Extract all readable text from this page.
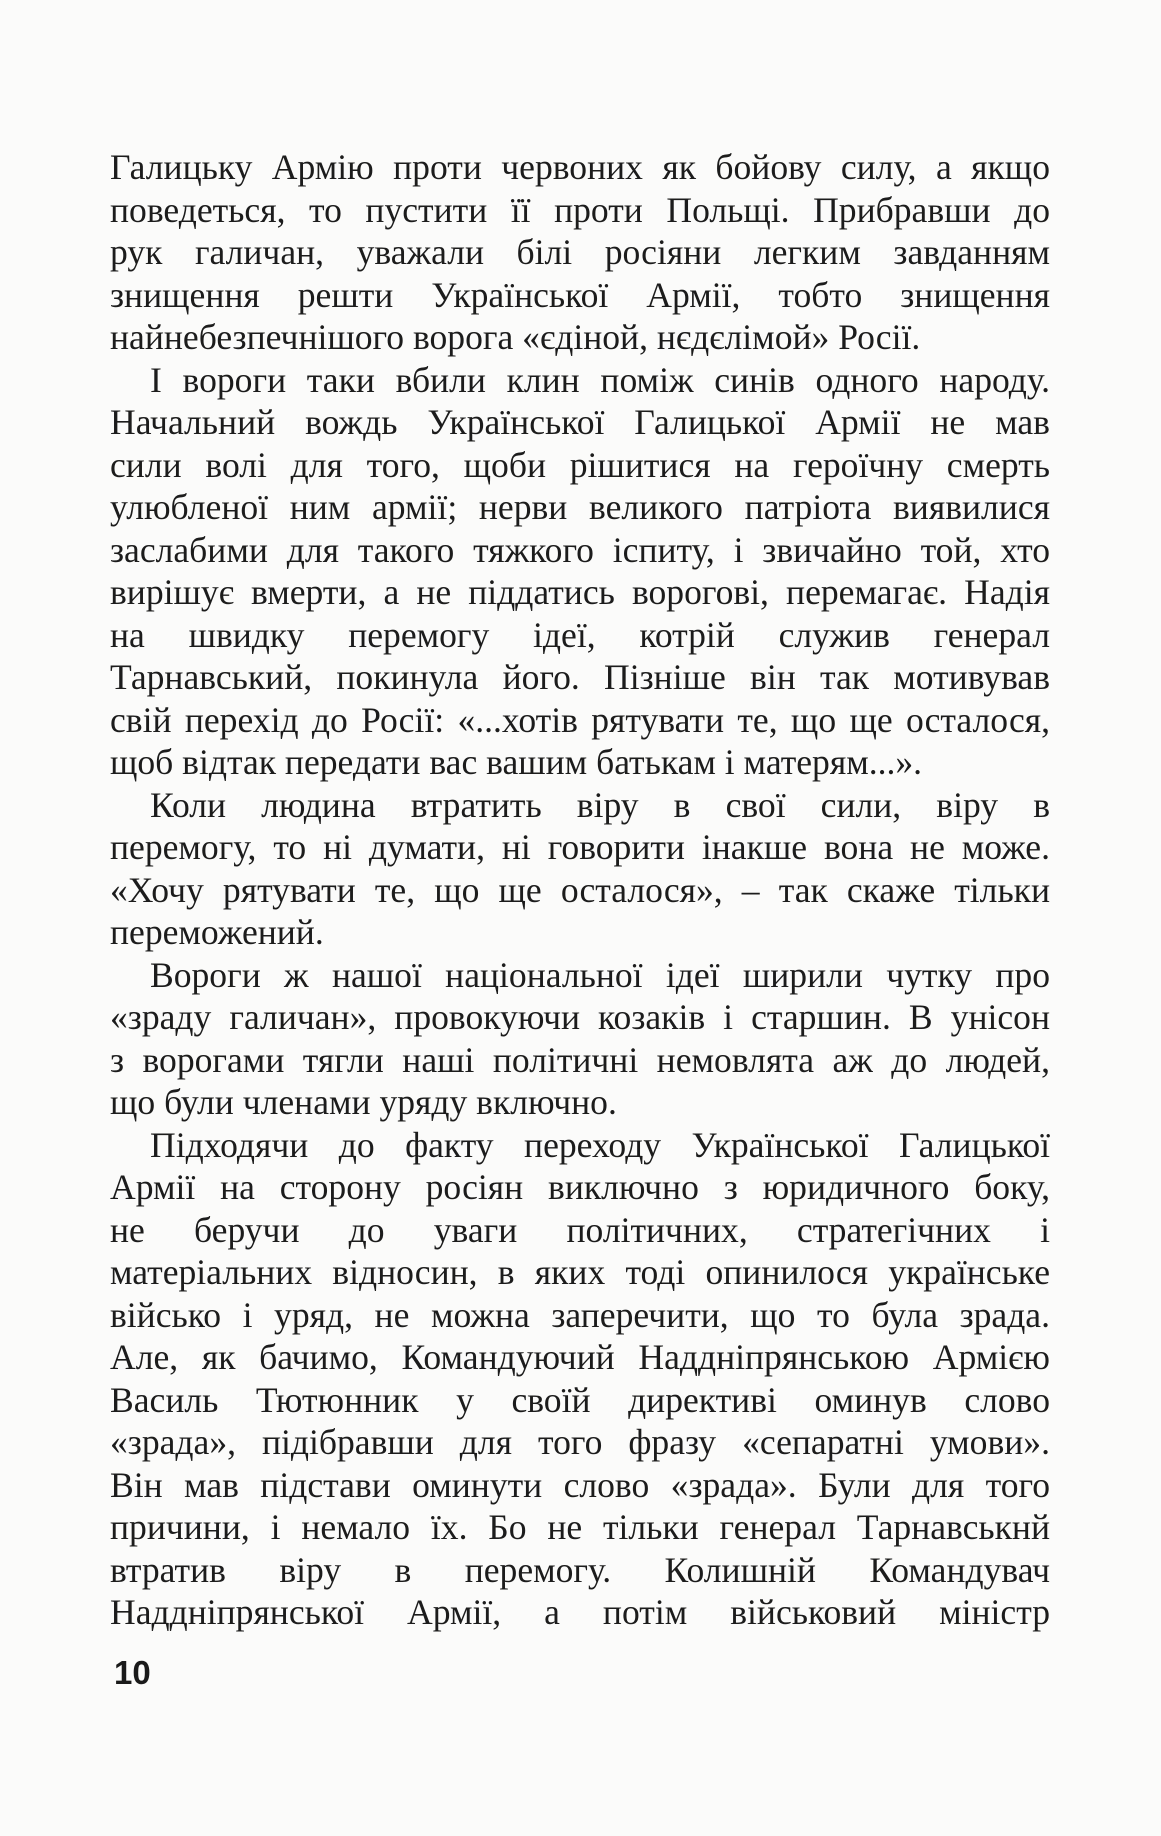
Галицьку Армію проти червоних як бойову силу, а якщо
поведеться, то пустити її проти Польщі. Прибравши до
рук галичан, уважали білі росіяни легким завданням
знищення решти Української Армії, тобто знищення
найнебезпечнішого ворога «єдіной, нєдєлімой» Росії.
І вороги таки вбили клин поміж синів одного народу.
Начальний вождь Української Галицької Армії не мав
сили волі для того, щоби рішитися на героїчну смерть
улюбленої ним армії; нерви великого патріота виявилися
заслабими для такого тяжкого іспиту, і звичайно той, хто
вирішує вмерти, а не піддатись ворогові, перемагає. Надія
на швидку перемогу ідеї, котрій служив генерал
Тарнавський, покинула його. Пізніше він так мотивував
свій перехід до Росії: «...хотів рятувати те, що ще осталося,
щоб відтак передати вас вашим батькам і матерям...».
Коли людина втратить віру в свої сили, віру в
перемогу, то ні думати, ні говорити інакше вона не може.
«Хочу рятувати те, що ще осталося», – так скаже тільки
переможений.
Вороги ж нашої національної ідеї ширили чутку про
«зраду галичан», провокуючи козаків і старшин. В унісон
з ворогами тягли наші політичні немовлята аж до людей,
що були членами уряду включно.
Підходячи до факту переходу Української Галицької
Армії на сторону росіян виключно з юридичного боку,
не беручи до уваги політичних, стратегічних і
матеріальних відносин, в яких тоді опинилося українське
військо і уряд, не можна заперечити, що то була зрада.
Але, як бачимо, Командуючий Наддніпрянською Армією
Василь Тютюнник у своїй директиві оминув слово
«зрада», підібравши для того фразу «сепаратні умови».
Він мав підстави оминути слово «зрада». Були для того
причини, і немало їх. Бо не тільки генерал Тарнавськнй
втратив віру в перемогу. Колишній Командувач
Наддніпрянської Армії, а потім військовий міністр
10
